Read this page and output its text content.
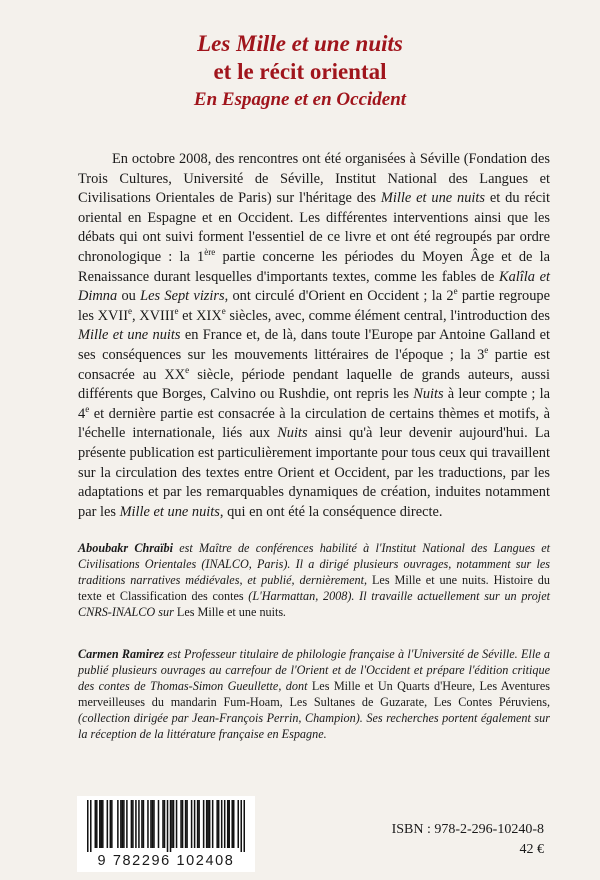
Les Mille et une nuits
et le récit oriental
En Espagne et en Occident

En octobre 2008, des rencontres ont été organisées à Séville (Fondation des Trois Cultures, Université de Séville, Institut National des Langues et Civilisations Orientales de Paris) sur l'héritage des Mille et une nuits et du récit oriental en Espagne et en Occident. Les différentes interventions ainsi que les débats qui ont suivi forment l'essentiel de ce livre et ont été regroupés par ordre chronologique : la 1ère partie concerne les périodes du Moyen Âge et de la Renaissance durant lesquelles d'importants textes, comme les fables de Kalîla et Dimna ou Les Sept vizirs, ont circulé d'Orient en Occident ; la 2e partie regroupe les XVIIe, XVIIIe et XIXe siècles, avec, comme élément central, l'introduction des Mille et une nuits en France et, de là, dans toute l'Europe par Antoine Galland et ses conséquences sur les mouvements littéraires de l'époque ; la 3e partie est consacrée au XXe siècle, période pendant laquelle de grands auteurs, aussi différents que Borges, Calvino ou Rushdie, ont repris les Nuits à leur compte ; la 4e et dernière partie est consacrée à la circulation de certains thèmes et motifs, à l'échelle internationale, liés aux Nuits ainsi qu'à leur devenir aujourd'hui. La présente publication est particulièrement importante pour tous ceux qui travaillent sur la circulation des textes entre Orient et Occident, par les traductions, par les adaptations et par les remarquables dynamiques de création, induites notamment par les Mille et une nuits, qui en ont été la conséquence directe.

Aboubakr Chraïbi est Maître de conférences habilité à l'Institut National des Langues et Civilisations Orientales (INALCO, Paris). Il a dirigé plusieurs ouvrages, notamment sur les traditions narratives médiévales, et publié, dernièrement, Les Mille et une nuits. Histoire du texte et Classification des contes (L'Harmattan, 2008). Il travaille actuellement sur un projet CNRS-INALCO sur Les Mille et une nuits.

Carmen Ramirez est Professeur titulaire de philologie française à l'Université de Séville. Elle a publié plusieurs ouvrages au carrefour de l'Orient et de l'Occident et prépare l'édition critique des contes de Thomas-Simon Gueullette, dont Les Mille et Un Quarts d'Heure, Les Aventures merveilleuses du mandarin Fum-Hoam, Les Sultanes de Guzarate, Les Contes Péruviens, (collection dirigée par Jean-François Perrin, Champion). Ses recherches portent également sur la réception de la littérature française en Espagne.

9 782296 102408

ISBN : 978-2-296-10240-8

42 €
